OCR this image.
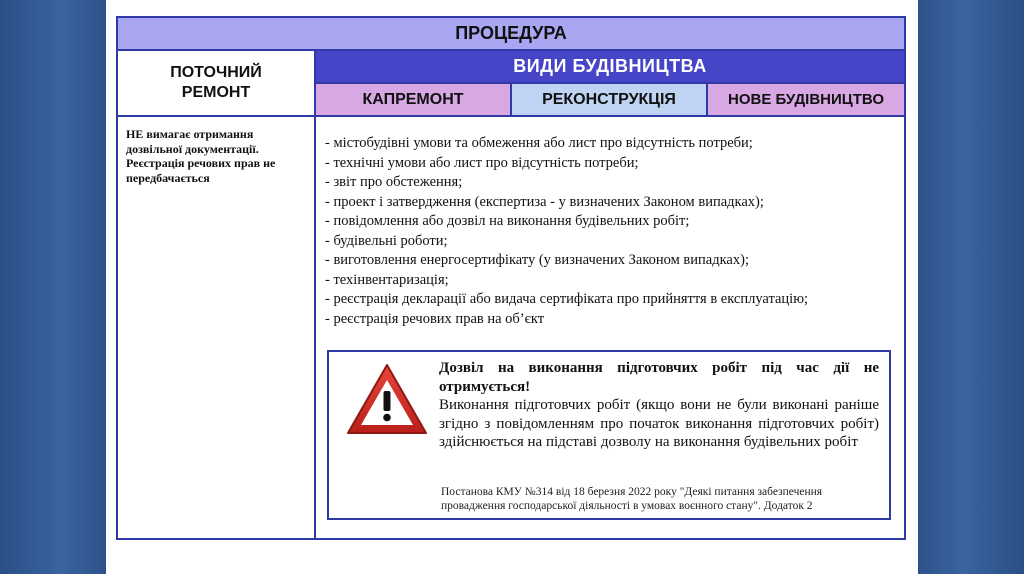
ПРОЦЕДУРА
ПОТОЧНИЙ РЕМОНТ
ВИДИ БУДІВНИЦТВА
КАПРЕМОНТ	РЕКОНСТРУКЦІЯ	НОВЕ БУДІВНИЦТВО
НЕ вимагає отримання дозвільної документації. Реєстрація речових прав не передбачається
- містобудівні умови та обмеження або лист про відсутність потреби;
- технічні умови або лист про відсутність потреби;
- звіт про обстеження;
- проект і затвердження (експертиза - у визначених Законом випадках);
- повідомлення або дозвіл на виконання будівельних робіт;
- будівельні роботи;
- виготовлення енергосертифікату (у визначених Законом випадках);
- техінвентаризація;
- реєстрація декларації або видача сертифіката про прийняття в експлуатацію;
- реєстрація речових прав на об’єкт
Дозвіл на виконання підготовчих робіт під час дії не отримується!
Виконання підготовчих робіт (якщо вони не були виконані раніше згідно з повідомленням про початок виконання підготовчих робіт) здійснюється на підставі дозволу на виконання будівельних робіт
Постанова КМУ №314 від 18 березня 2022 року "Деякі питання забезпечення провадження господарської діяльності в умовах воєнного стану". Додаток 2
